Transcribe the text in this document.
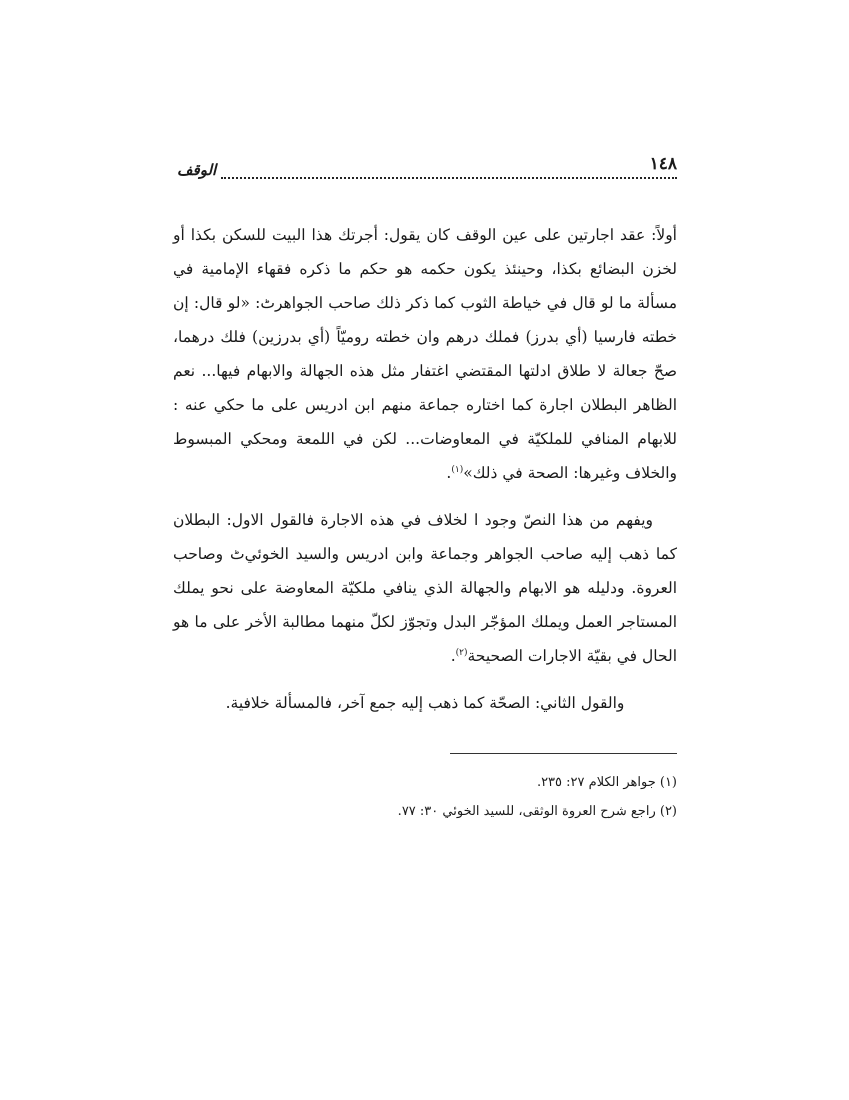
١٤٨
الوقف

أولاً: عقد اجارتين على عين الوقف كان يقول: أجرتك هذا البيت للسكن بكذا أو لخزن البضائع بكذا، وحينئذ يكون حكمه هو حكم ما ذكره فقهاء الإمامية في مسألة ما لو قال في خياطة الثوب كما ذكر ذلك صاحب الجواهرﭦ: «لو قال: إن خطته فارسيا (أي بدرز) فملك درهم وان خطته روميّاً (أي بدرزين) فلك درهما، صحّ جعالة لا طلاق ادلتها المقتضي اغتفار مثل هذه الجهالة والابهام فيها... نعم الظاهر البطلان اجارة كما اختاره جماعة منهم ابن ادريس على ما حكي عنه : للابهام المنافي للملكيّة في المعاوضات... لكن في اللمعة ومحكي المبسوط والخلاف وغيرها: الصحة في ذلك»$^{(١)}$.

ويفهم من هذا النصّ وجود ا لخلاف في هذه الاجارة فالقول الاول: البطلان كما ذهب إليه صاحب الجواهر وجماعة وابن ادريس والسيد الخوئيﭦ وصاحب العروة. ودليله هو الابهام والجهالة الذي ينافي ملكيّة المعاوضة على نحو يملك المستاجر العمل ويملك المؤجّر البدل وتجوّز لكلّ منهما مطالبة الأخر على ما هو الحال في بقيّة الاجارات الصحيحة$^{(٢)}$.

والقول الثاني: الصحّة كما ذهب إليه جمع آخر، فالمسألة خلافية.

(١) جواهر الكلام ٢٧: ٢٣٥.
(٢) راجع شرح العروة الوثقى، للسيد الخوئي ٣٠: ٧٧.
